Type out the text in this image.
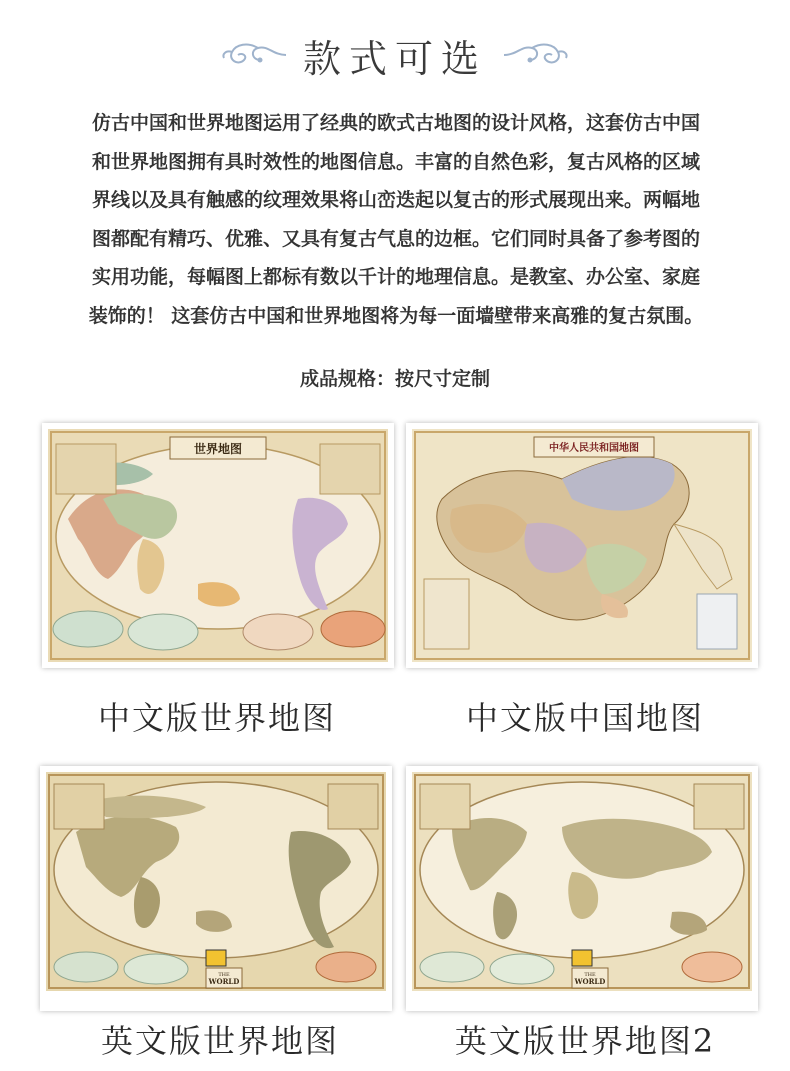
款式可选
仿古中国和世界地图运用了经典的欧式古地图的设计风格，这套仿古中国
和世界地图拥有具时效性的地图信息。丰富的自然色彩，复古风格的区域
界线以及具有触感的纹理效果将山峦迭起以复古的形式展现出来。两幅地
图都配有精巧、优雅、又具有复古气息的边框。它们同时具备了参考图的
实用功能，每幅图上都标有数以千计的地理信息。是教室、办公室、家庭
装饰的！ 这套仿古中国和世界地图将为每一面墙壁带来高雅的复古氛围。
成品规格：按尺寸定制
世界地图
中文版世界地图
中华人民共和国地图
中文版中国地图
THE
WORLD
英文版世界地图
THE
WORLD
英文版世界地图2
